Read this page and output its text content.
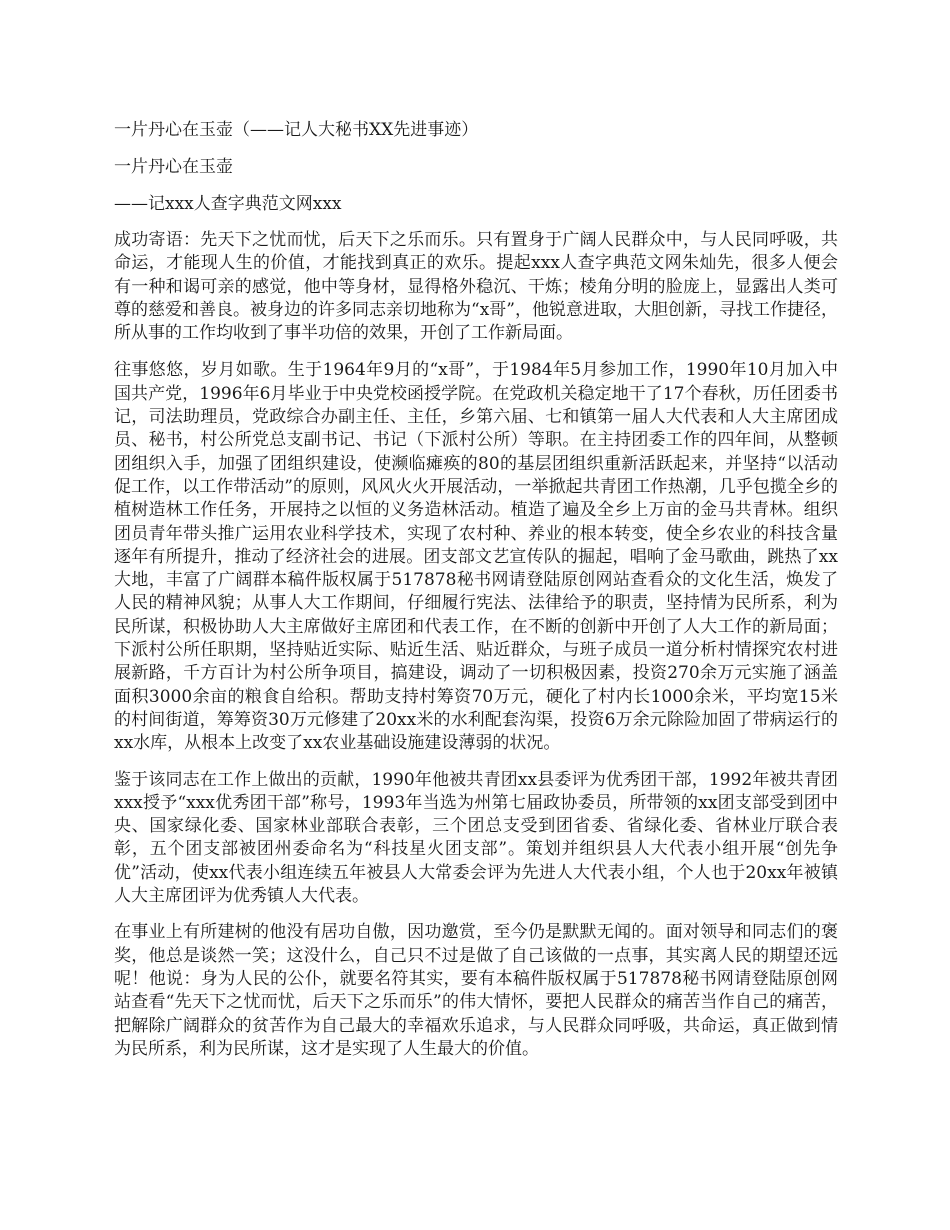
一片丹心在玉壶（——记人大秘书XX先进事迹）
一片丹心在玉壶
——记xxx人查字典范文网xxx

成功寄语：先天下之忧而忧，后天下之乐而乐。只有置身于广阔人民群众中，与人民同呼吸，共命运，才能现人生的价值，才能找到真正的欢乐。提起xxx人查字典范文网朱灿先，很多人便会有一种和谒可亲的感觉，他中等身材，显得格外稳沉、干炼；棱角分明的脸庞上，显露出人类可尊的慈爱和善良。被身边的许多同志亲切地称为“x哥”，他锐意进取，大胆创新，寻找工作捷径，所从事的工作均收到了事半功倍的效果，开创了工作新局面。

往事悠悠，岁月如歌。生于1964年9月的“x哥”，于1984年5月参加工作，1990年10月加入中国共产党，1996年6月毕业于中央党校函授学院。在党政机关稳定地干了17个春秋，历任团委书记，司法助理员，党政综合办副主任、主任，乡第六届、七和镇第一届人大代表和人大主席团成员、秘书，村公所党总支副书记、书记（下派村公所）等职。在主持团委工作的四年间，从整顿团组织入手，加强了团组织建设，使濒临瘫痪的80的基层团组织重新活跃起来，并坚持“以活动促工作，以工作带活动”的原则，风风火火开展活动，一举掀起共青团工作热潮，几乎包揽全乡的植树造林工作任务，开展持之以恒的义务造林活动。植造了遍及全乡上万亩的金马共青林。组织团员青年带头推广运用农业科学技术，实现了农村种、养业的根本转变，使全乡农业的科技含量逐年有所提升，推动了经济社会的进展。团支部文艺宣传队的掘起，唱响了金马歌曲，跳热了xx大地，丰富了广阔群本稿件版权属于517878秘书网请登陆原创网站查看众的文化生活，焕发了人民的精神风貌；从事人大工作期间，仔细履行宪法、法律给予的职责，坚持情为民所系，利为民所谋，积极协助人大主席做好主席团和代表工作，在不断的创新中开创了人大工作的新局面；下派村公所任职期，坚持贴近实际、贴近生活、贴近群众，与班子成员一道分析村情探究农村进展新路，千方百计为村公所争项目，搞建设，调动了一切积极因素，投资270余万元实施了涵盖面积3000余亩的粮食自给积。帮助支持村筹资70万元，硬化了村内长1000余米，平均宽15米的村间街道，筹筹资30万元修建了20xx米的水利配套沟渠，投资6万余元除险加固了带病运行的xx水库，从根本上改变了xx农业基础设施建设薄弱的状况。

鉴于该同志在工作上做出的贡献，1990年他被共青团xx县委评为优秀团干部，1992年被共青团xxx授予“xxx优秀团干部”称号，1993年当选为州第七届政协委员，所带领的xx团支部受到团中央、国家绿化委、国家林业部联合表彰，三个团总支受到团省委、省绿化委、省林业厅联合表彰，五个团支部被团州委命名为“科技星火团支部”。策划并组织县人大代表小组开展“创先争优”活动，使xx代表小组连续五年被县人大常委会评为先进人大代表小组，个人也于20xx年被镇人大主席团评为优秀镇人大代表。

在事业上有所建树的他没有居功自傲，因功邀赏，至今仍是默默无闻的。面对领导和同志们的褒奖，他总是谈然一笑；这没什么，自己只不过是做了自己该做的一点事，其实离人民的期望还远呢！他说：身为人民的公仆，就要名符其实，要有本稿件版权属于517878秘书网请登陆原创网站查看“先天下之忧而忧，后天下之乐而乐”的伟大情怀，要把人民群众的痛苦当作自己的痛苦，把解除广阔群众的贫苦作为自己最大的幸福欢乐追求，与人民群众同呼吸，共命运，真正做到情为民所系，利为民所谋，这才是实现了人生最大的价值。
